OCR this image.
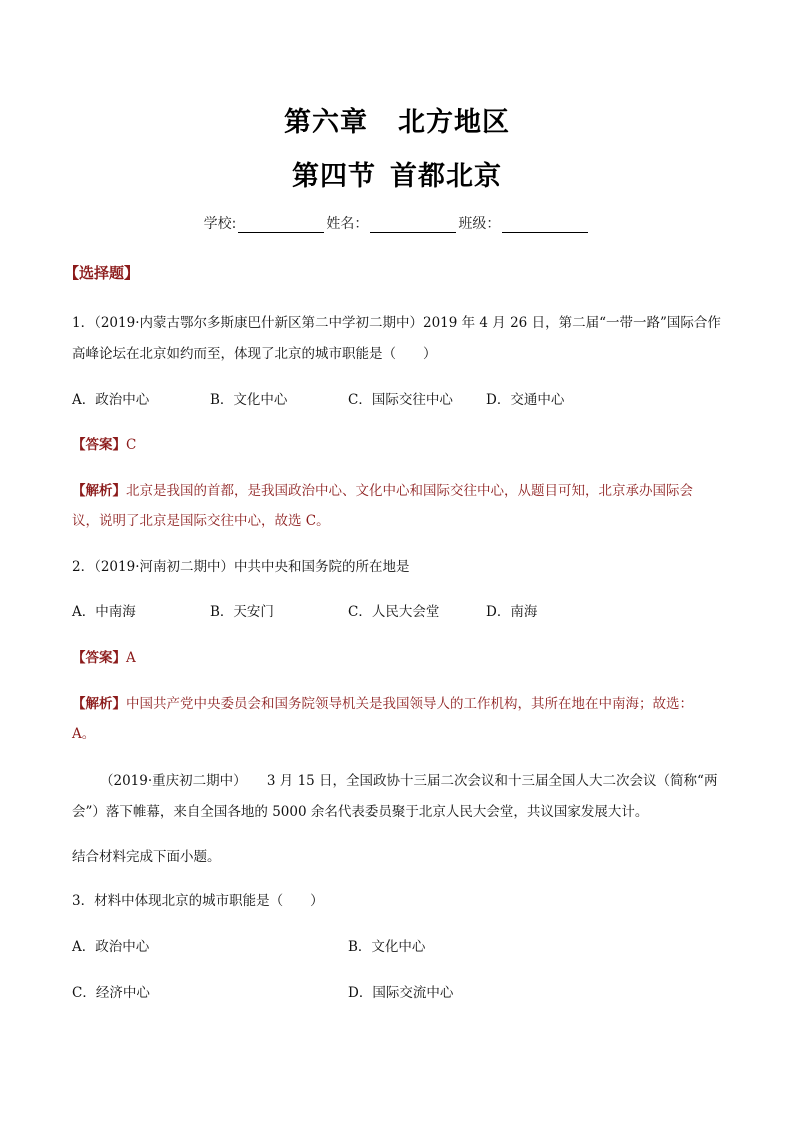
第六章 北方地区
第四节 首都北京
学校:	姓名：	班级：
【选择题】
1．（2019·内蒙古鄂尔多斯康巴什新区第二中学初二期中）2019 年 4 月 26 日，第二届“一带一路”国际合作
高峰论坛在北京如约而至，体现了北京的城市职能是（　　）
A．政治中心	B．文化中心	C．国际交往中心 D．交通中心
【答案】C
【解析】北京是我国的首都，是我国政治中心、文化中心和国际交往中心，从题目可知，北京承办国际会
议，说明了北京是国际交往中心，故选 C。
2．（2019·河南初二期中）中共中央和国务院的所在地是
A．中南海	B．天安门	C．人民大会堂	D．南海
【答案】A
【解析】中国共产党中央委员会和国务院领导机关是我国领导人的工作机构，其所在地在中南海；故选：
A。
（2019·重庆初二期中）　　3 月 15 日，全国政协十三届二次会议和十三届全国人大二次会议（简称“两
会”）落下帷幕，来自全国各地的 5000 余名代表委员聚于北京人民大会堂，共议国家发展大计。
结合材料完成下面小题。
3．材料中体现北京的城市职能是（　　）
A．政治中心	B．文化中心
C．经济中心	D．国际交流中心
